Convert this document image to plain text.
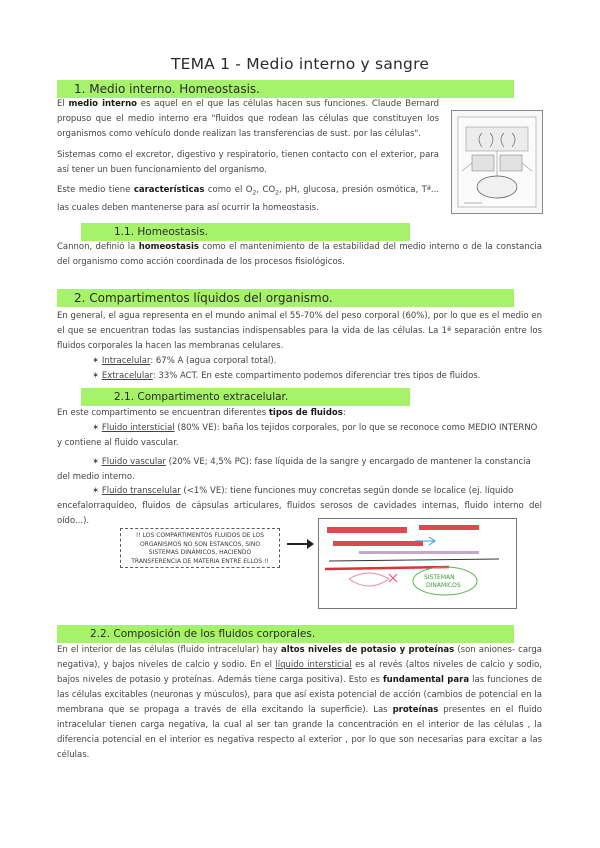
TEMA 1 - Medio interno y sangre
1. Medio interno. Homeostasis.

El medio interno es aquel en el que las células hacen sus funciones. Claude Bernard propuso que el medio interno era "fluidos que rodean las células que constituyen los organismos como vehículo donde realizan las transferencias de sust. por las células".

Sistemas como el excretor, digestivo y respiratorio, tienen contacto con el exterior, para así tener un buen funcionamiento del organismo.

Este medio tiene características como el $O_2$, $CO_2$, pH, glucosa, presión osmótica, Tª... las cuales deben mantenerse para así ocurrir la homeostasis.

1.1. Homeostasis.

Cannon, definió la homeostasis como el mantenimiento de la estabilidad del medio interno o de la constancia del organismo como acción coordinada de los procesos fisiológicos.

2. Compartimentos líquidos del organismo.

En general, el agua representa en el mundo animal el 55-70% del peso corporal (60%), por lo que es el medio en el que se encuentran todas las sustancias indispensables para la vida de las células. La 1ª separación entre los fluidos corporales la hacen las membranas celulares.

✶ Intracelular: 67% A (agua corporal total).

✶ Extracelular: 33% ACT. En este compartimento podemos diferenciar tres tipos de fluidos.

2.1. Compartimento extracelular.

En este compartimento se encuentran diferentes tipos de fluidos:

✶ Fluido intersticial (80% VE): baña los tejidos corporales, por lo que se reconoce como MEDIO INTERNO

y contiene al fluido vascular.

✶ Fluido vascular (20% VE; 4,5% PC): fase líquida de la sangre y encargado de mantener la constancia

del medio interno.

✶ Fluido transcelular (<1% VE): tiene funciones muy concretas según donde se localice (ej. líquido

encefalorraquídeo, fluidos de cápsulas articulares, fluidos serosos de cavidades internas, fluido interno del oído...).

!! LOS COMPARTIMENTOS FLUIDOS DE LOS ORGANISMOS NO SON ESTANCOS, SINO SISTEMAS DINÁMICOS, HACIENDO TRANSFERENCIA DE MATERIA ENTRE ELLOS !!
SISTEMAN
DINÁMICOS
2.2. Composición de los fluidos corporales.

En el interior de las células (fluido intracelular) hay altos niveles de potasio y proteínas (son aniones- carga negativa), y bajos niveles de calcio y sodio. En el líquido intersticial es al revés (altos niveles de calcio y sodio, bajos niveles de potasio y proteínas. Además tiene carga positiva). Esto es fundamental para las funciones de las células excitables (neuronas y músculos), para que así exista potencial de acción (cambios de potencial en la membrana que se propaga a través de ella excitando la superficie). Las proteínas presentes en el fluido intracelular tienen carga negativa, la cual al ser tan grande la concentración en el interior de las células , la diferencia potencial en el interior es negativa respecto al exterior , por lo que son necesarias para excitar a las células.
